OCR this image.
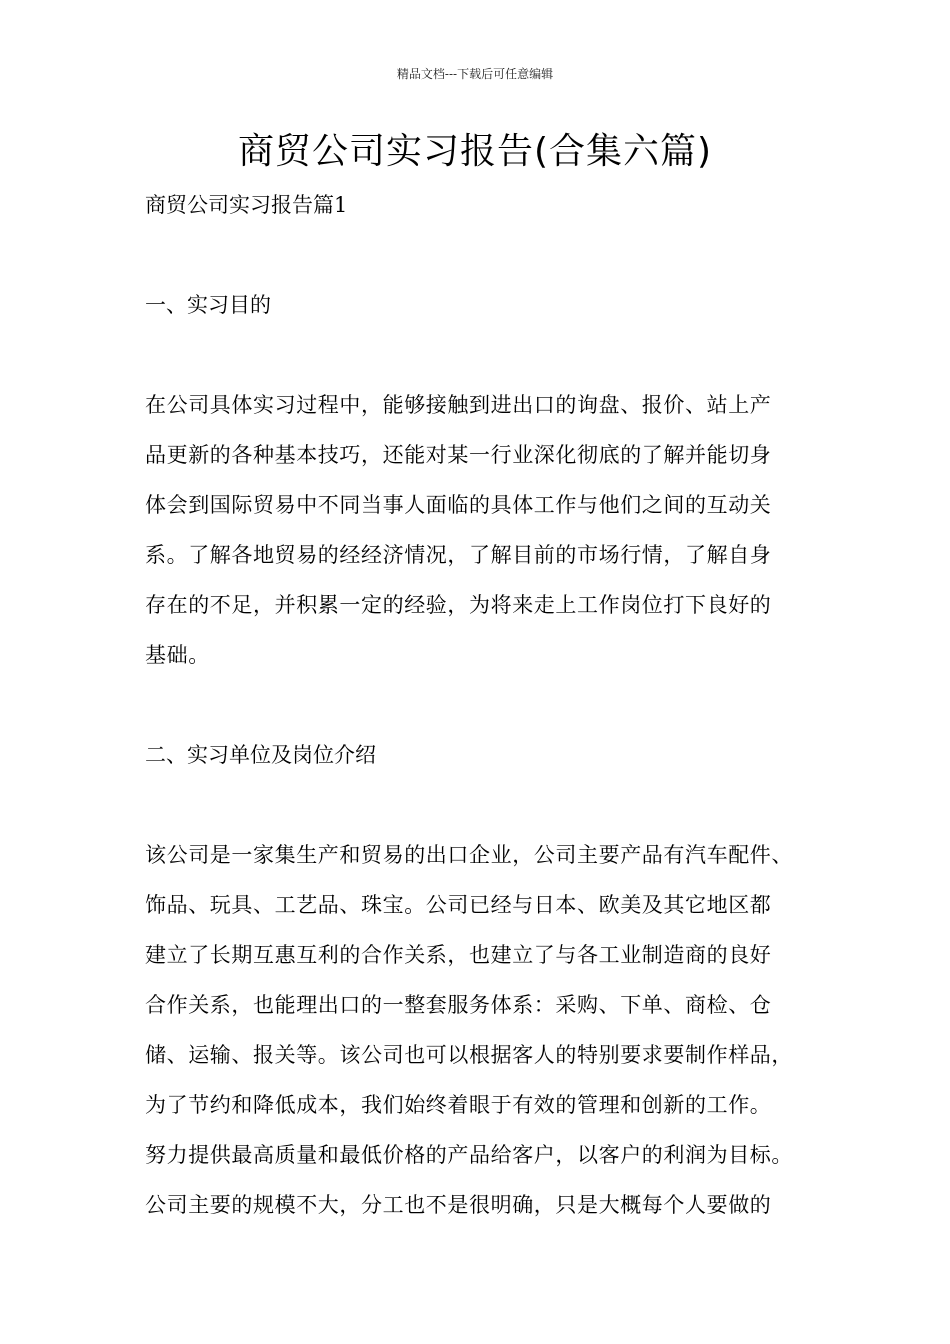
精品文档---下载后可任意编辑
商贸公司实习报告(合集六篇)

商贸公司实习报告篇1

一、实习目的

在公司具体实习过程中，能够接触到进出口的询盘、报价、站上产
品更新的各种基本技巧，还能对某一行业深化彻底的了解并能切身
体会到国际贸易中不同当事人面临的具体工作与他们之间的互动关
系。了解各地贸易的经经济情况，了解目前的市场行情，了解自身
存在的不足，并积累一定的经验，为将来走上工作岗位打下良好的
基础。

二、实习单位及岗位介绍

该公司是一家集生产和贸易的出口企业，公司主要产品有汽车配件、
饰品、玩具、工艺品、珠宝。公司已经与日本、欧美及其它地区都
建立了长期互惠互利的合作关系，也建立了与各工业制造商的良好
合作关系，也能理出口的一整套服务体系：采购、下单、商检、仓
储、运输、报关等。该公司也可以根据客人的特别要求要制作样品，
为了节约和降低成本，我们始终着眼于有效的管理和创新的工作。
努力提供最高质量和最低价格的产品给客户，以客户的利润为目标。
公司主要的规模不大，分工也不是很明确，只是大概每个人要做的
